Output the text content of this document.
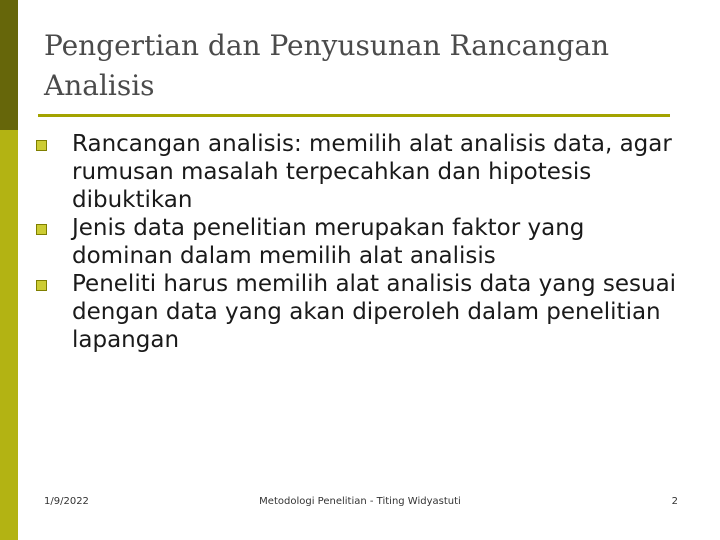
Pengertian dan Penyusunan Rancangan Analisis
Rancangan analisis: memilih alat analisis data, agar rumusan masalah terpecahkan dan hipotesis dibuktikan
Jenis data penelitian merupakan faktor yang dominan dalam memilih alat analisis
Peneliti harus memilih alat analisis data yang sesuai dengan data yang akan diperoleh dalam penelitian lapangan
1/9/2022	Metodologi Penelitian - Titing Widyastuti	2
